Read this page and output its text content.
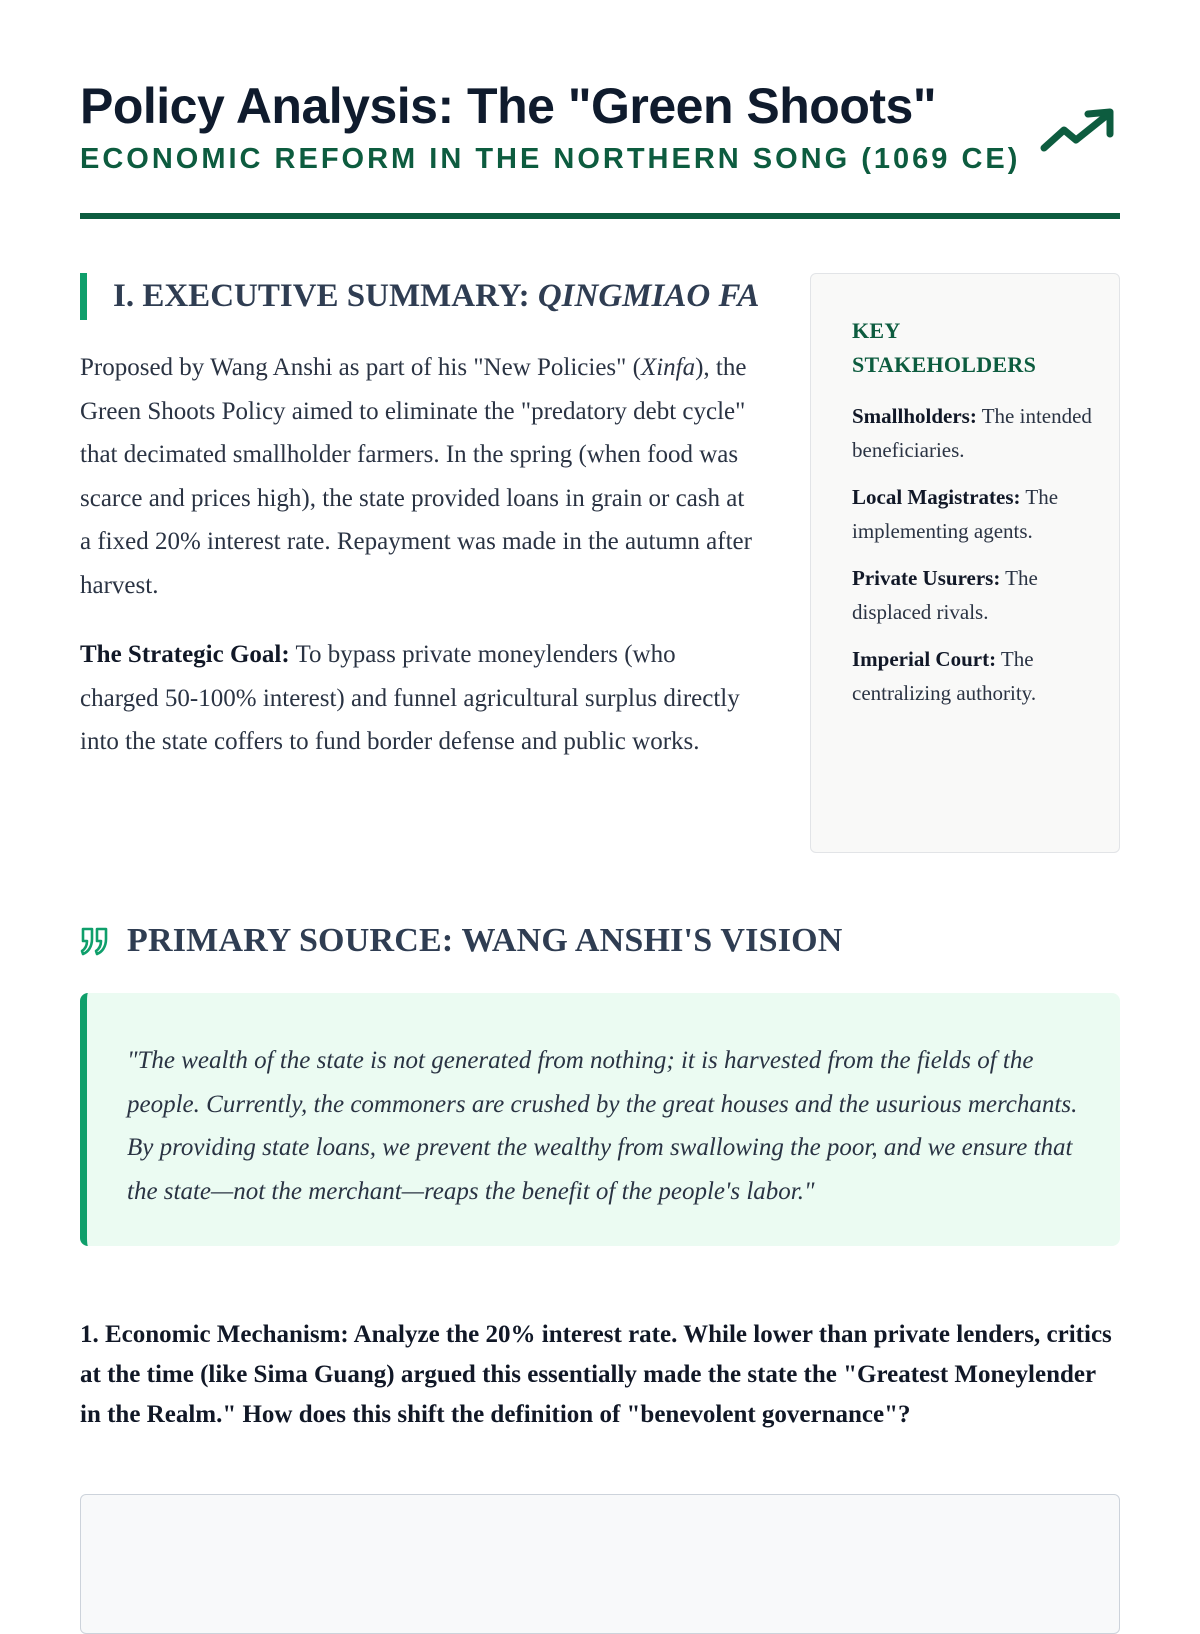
Policy Analysis: The "Green Shoots"
ECONOMIC REFORM IN THE NORTHERN SONG (1069 CE)
I. EXECUTIVE SUMMARY: QINGMIAO FA

Proposed by Wang Anshi as part of his "New Policies" (Xinfa), the Green Shoots Policy aimed to eliminate the "predatory debt cycle" that decimated smallholder farmers. In the spring (when food was scarce and prices high), the state provided loans in grain or cash at a fixed 20% interest rate. Repayment was made in the autumn after harvest.

The Strategic Goal: To bypass private moneylenders (who charged 50-100% interest) and funnel agricultural surplus directly into the state coffers to fund border defense and public works.

KEY STAKEHOLDERS
Smallholders: The intended beneficiaries.
Local Magistrates: The implementing agents.
Private Usurers: The displaced rivals.
Imperial Court: The centralizing authority.
PRIMARY SOURCE: WANG ANSHI'S VISION
"The wealth of the state is not generated from nothing; it is harvested from the fields of the people. Currently, the commoners are crushed by the great houses and the usurious merchants. By providing state loans, we prevent the wealthy from swallowing the poor, and we ensure that the state—not the merchant—reaps the benefit of the people's labor."
1. Economic Mechanism: Analyze the 20% interest rate. While lower than private lenders, critics at the time (like Sima Guang) argued this essentially made the state the "Greatest Moneylender in the Realm." How does this shift the definition of "benevolent governance"?
